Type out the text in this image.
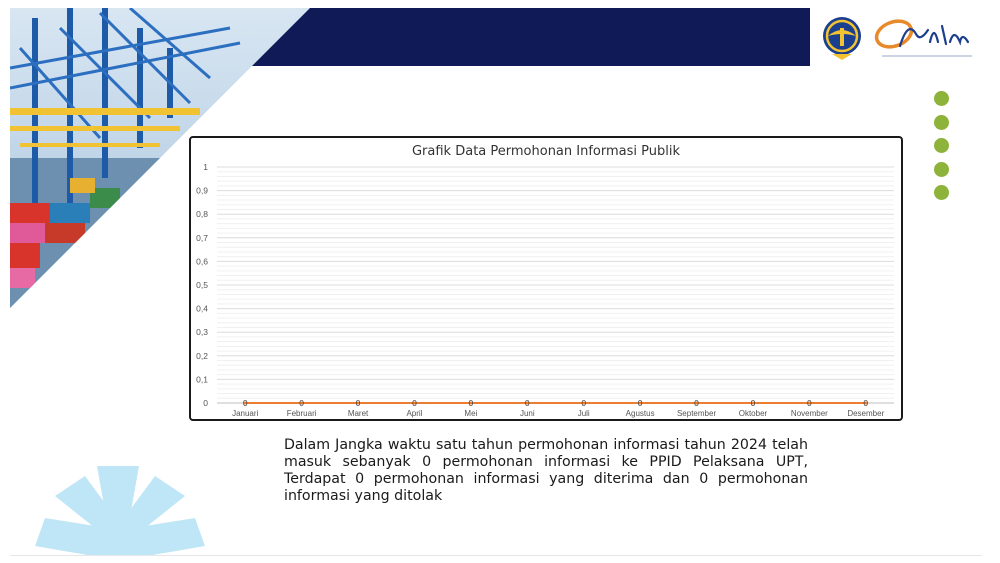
Grafik Data Permohonan Informasi Publik
0
0,1
0,2
0,3
0,4
0,5
0,6
0,7
0,8
0,9
1
Januari	Februari	Maret	April	Mei	Juni	Juli	Agustus	September	Oktober	November Desember
0	0	0	0	0	0	0	0	0	0	0	0
Dalam Jangka waktu satu tahun permohonan informasi tahun 2024 telah masuk sebanyak 0 permohonan informasi ke PPID Pelaksana UPT, Terdapat 0 permohonan informasi yang diterima dan 0 permohonan informasi yang ditolak
